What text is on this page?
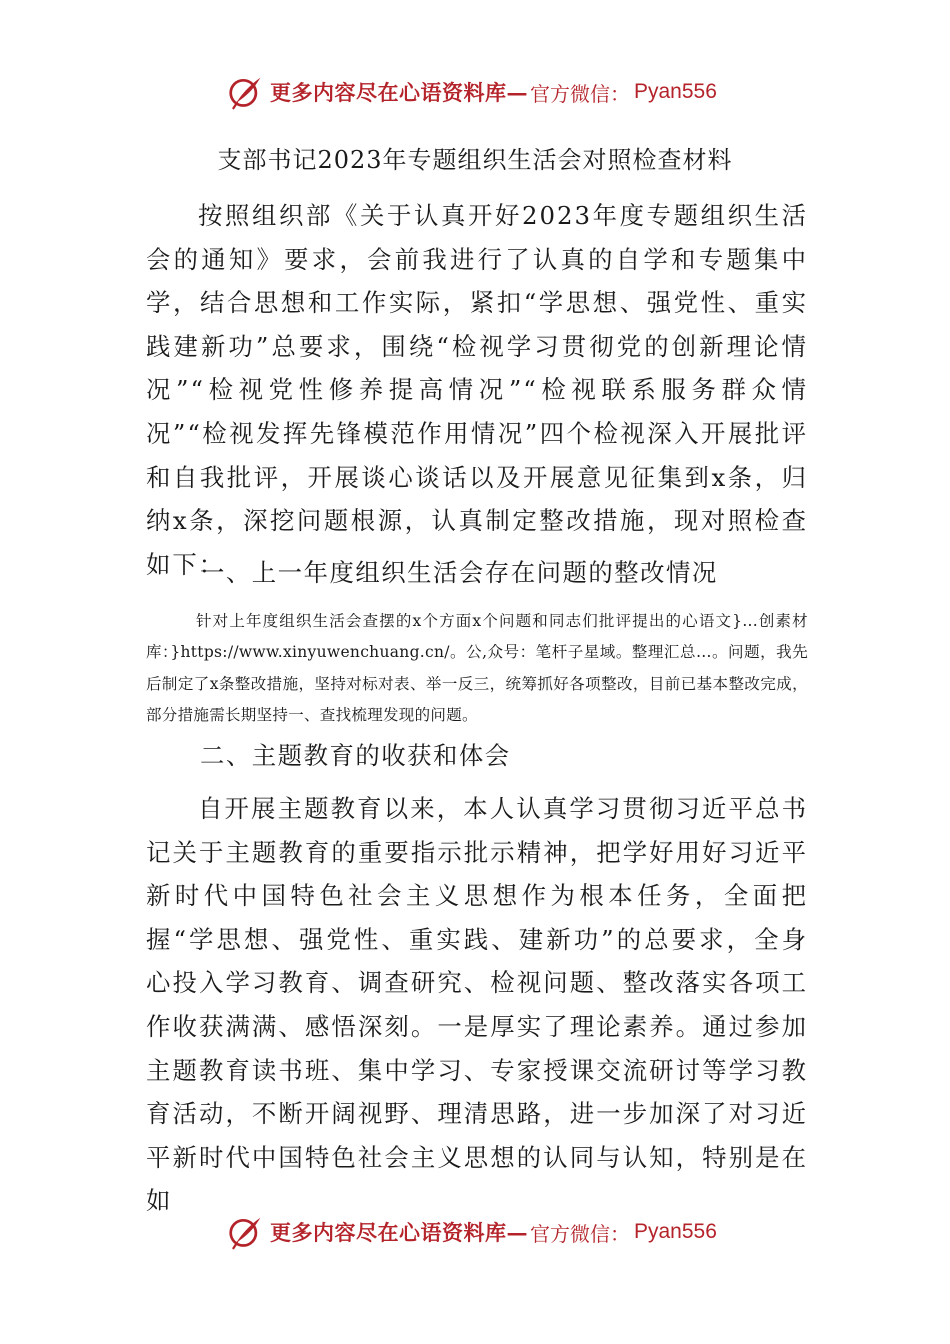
更多内容尽在心语资料库 — 官方微信： Pyan556
支部书记2023年专题组织生活会对照检查材料

按照组织部《关于认真开好2023年度专题组织生活会的通知》要求，会前我进行了认真的自学和专题集中学，结合思想和工作实际，紧扣“学思想、强党性、重实践建新功”总要求，围绕“检视学习贯彻党的创新理论情况”“检视党性修养提高情况”“检视联系服务群众情况”“检视发挥先锋模范作用情况”四个检视深入开展批评和自我批评，开展谈心谈话以及开展意见征集到x条，归纳x条，深挖问题根源，认真制定整改措施，现对照检查如下：

一、上一年度组织生活会存在问题的整改情况

针对上年度组织生活会查摆的x个方面x个问题和同志们批评提出的心语文}...创素材库：}https://www.xinyuwenchuang.cn/。公,众号：笔杆子星域。整理汇总…。问题，我先后制定了x条整改措施，坚持对标对表、举一反三，统筹抓好各项整改，目前已基本整改完成，部分措施需长期坚持一、查找梳理发现的问题。

二、主题教育的收获和体会

自开展主题教育以来，本人认真学习贯彻习近平总书记关于主题教育的重要指示批示精神，把学好用好习近平新时代中国特色社会主义思想作为根本任务，全面把握“学思想、强党性、重实践、建新功”的总要求，全身心投入学习教育、调查研究、检视问题、整改落实各项工作收获满满、感悟深刻。一是厚实了理论素养。通过参加主题教育读书班、集中学习、专家授课交流研讨等学习教育活动，不断开阔视野、理清思路，进一步加深了对习近平新时代中国特色社会主义思想的认同与认知，特别是在如

更多内容尽在心语资料库 — 官方微信： Pyan556
